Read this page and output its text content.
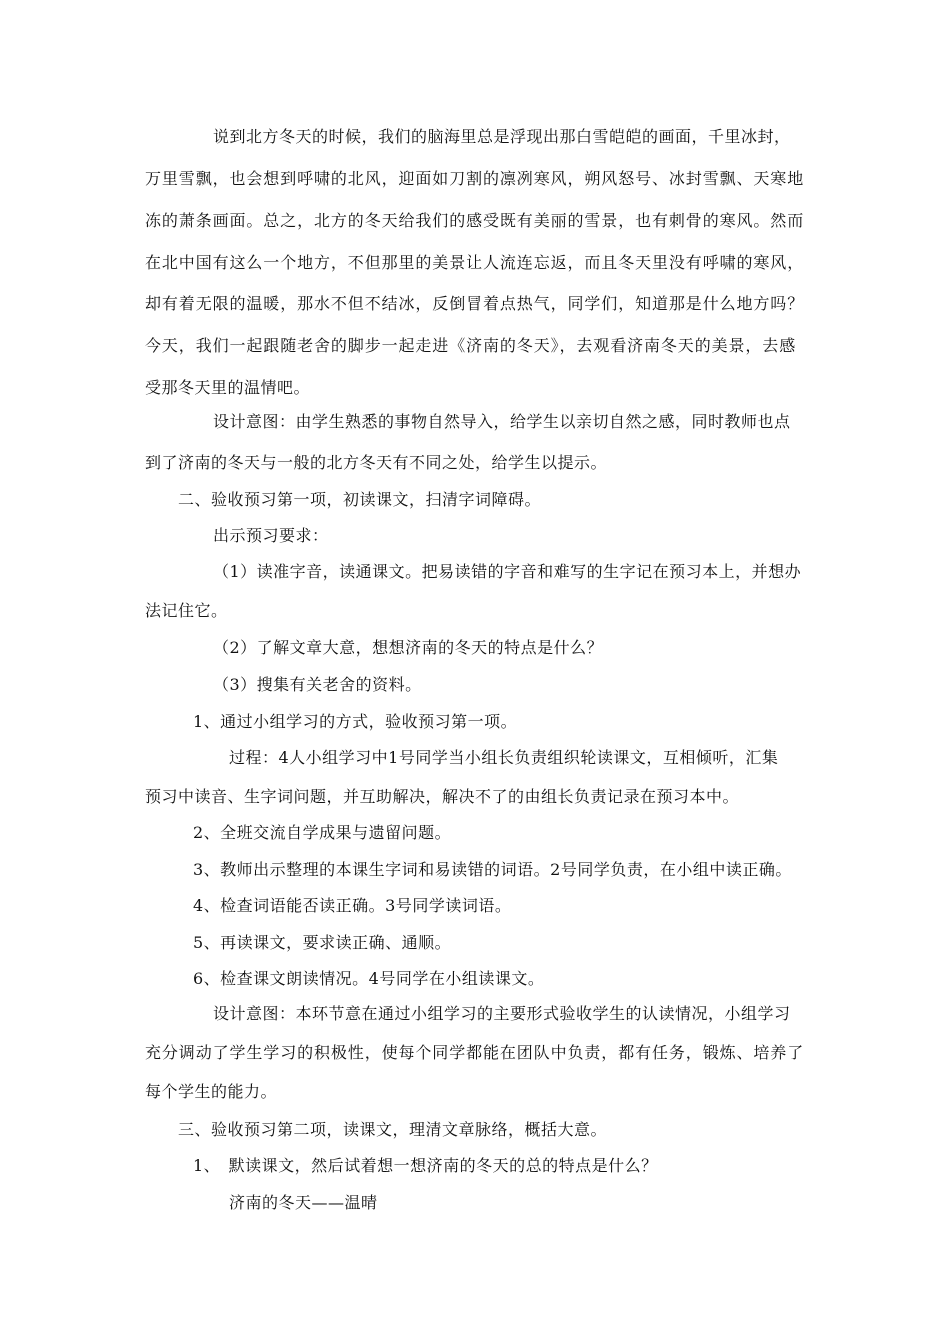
说到北方冬天的时候，我们的脑海里总是浮现出那白雪皑皑的画面，千里冰封，
万里雪飘，也会想到呼啸的北风，迎面如刀割的凛冽寒风，朔风怒号、冰封雪飘、天寒地
冻的萧条画面。总之，北方的冬天给我们的感受既有美丽的雪景，也有刺骨的寒风。然而
在北中国有这么一个地方，不但那里的美景让人流连忘返，而且冬天里没有呼啸的寒风，
却有着无限的温暖，那水不但不结冰，反倒冒着点热气，同学们，知道那是什么地方吗？
今天，我们一起跟随老舍的脚步一起走进《济南的冬天》，去观看济南冬天的美景，去感
受那冬天里的温情吧。
设计意图：由学生熟悉的事物自然导入，给学生以亲切自然之感，同时教师也点
到了济南的冬天与一般的北方冬天有不同之处，给学生以提示。
二、验收预习第一项，初读课文，扫清字词障碍。
出示预习要求：
（1）读准字音，读通课文。把易读错的字音和难写的生字记在预习本上，并想办
法记住它。
（2）了解文章大意，想想济南的冬天的特点是什么？
（3）搜集有关老舍的资料。
1、通过小组学习的方式，验收预习第一项。
过程：4人小组学习中1号同学当小组长负责组织轮读课文，互相倾听，汇集
预习中读音、生字词问题，并互助解决，解决不了的由组长负责记录在预习本中。
2、全班交流自学成果与遗留问题。
3、教师出示整理的本课生字词和易读错的词语。2号同学负责，在小组中读正确。
4、检查词语能否读正确。3号同学读词语。
5、再读课文，要求读正确、通顺。
6、检查课文朗读情况。4号同学在小组读课文。
设计意图：本环节意在通过小组学习的主要形式验收学生的认读情况，小组学习
充分调动了学生学习的积极性，使每个同学都能在团队中负责，都有任务，锻炼、培养了
每个学生的能力。
三、验收预习第二项，读课文，理清文章脉络，概括大意。
1、　默读课文，然后试着想一想济南的冬天的总的特点是什么？
济南的冬天——温晴
